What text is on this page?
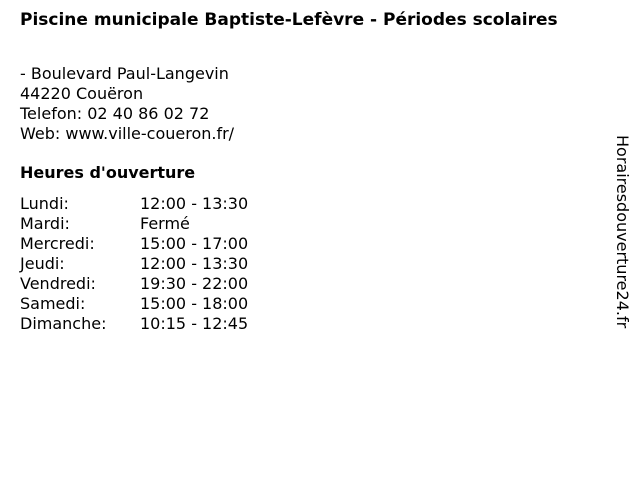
Piscine municipale Baptiste-Lefèvre - Périodes scolaires
- Boulevard Paul-Langevin
44220 Couëron
Telefon: 02 40 86 02 72
Web: www.ville-coueron.fr/
Heures d'ouverture
Lundi:	12:00 - 13:30
Mardi:	Fermé
Mercredi:	15:00 - 17:00
Jeudi:	12:00 - 13:30
Vendredi:	19:30 - 22:00
Samedi:	15:00 - 18:00
Dimanche:	10:15 - 12:45	Horairesdouverture24.fr
